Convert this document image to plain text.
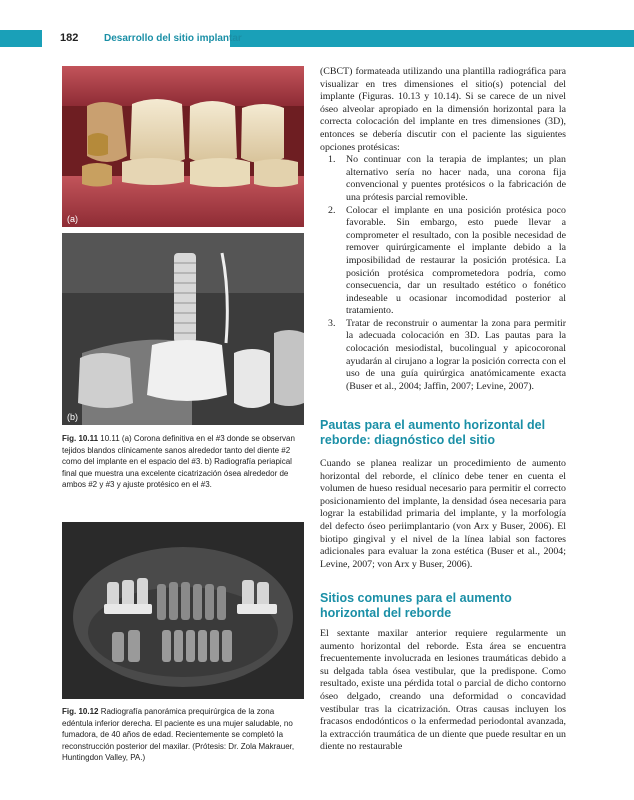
182	Desarrollo del sitio implantar
(a)
(b)
Fig. 10.11 10.11 (a) Corona definitiva en el #3 donde se observan tejidos blandos clínicamente sanos alrededor tanto del diente #2 como del implante en el espacio del #3. b) Radiografía periapical final que muestra una excelente cicatrización ósea alrededor de ambos #2 y #3 y ajuste protésico en el #3.
Fig. 10.12 Radiografía panorámica prequirúrgica de la zona edéntula inferior derecha. El paciente es una mujer saludable, no fumadora, de 40 años de edad. Recientemente se completó la reconstrucción posterior del maxilar. (Prótesis: Dr. Zola Makrauer, Huntingdon Valley, PA.)

(CBCT) formateada utilizando una plantilla radiográfica para visualizar en tres dimensiones el sitio(s) potencial del implante (Figuras. 10.13 y 10.14). Si se carece de un nivel óseo alveolar apropiado en la dimensión horizontal para la correcta colocación del implante en tres dimensiones (3D), entonces se debería discutir con el paciente las siguientes opciones protésicas:

1. No continuar con la terapia de implantes; un plan alternativo sería no hacer nada, una corona fija convencional y puentes protésicos o la fabricación de una prótesis parcial removible.
2. Colocar el implante en una posición protésica poco favorable. Sin embargo, esto puede llevar a comprometer el resultado, con la posible necesidad de remover quirúrgicamente el implante debido a la imposibilidad de restaurar la posición protésica. La posición protésica comprometedora podría, como consecuencia, dar un resultado estético o fonético indeseable u ocasionar incomodidad posterior al tratamiento.
3. Tratar de reconstruir o aumentar la zona para permitir la adecuada colocación en 3D. Las pautas para la colocación mesiodistal, bucolingual y apicocoronal ayudarán al cirujano a lograr la posición correcta con el uso de una guía quirúrgica anatómicamente exacta (Buser et al., 2004; Jaffin, 2007; Levine, 2007).
Pautas para el aumento horizontal del reborde: diagnóstico del sitio

Cuando se planea realizar un procedimiento de aumento horizontal del reborde, el clínico debe tener en cuenta el volumen de hueso residual necesario para permitir el correcto posicionamiento del implante, la densidad ósea necesaria para lograr la estabilidad primaria del implante, y la morfología del defecto óseo periimplantario (von Arx y Buser, 2006). El biotipo gingival y el nivel de la línea labial son factores adicionales para evaluar la zona estética (Buser et al., 2004; Levine, 2007; von Arx y Buser, 2006).

Sitios comunes para el aumento horizontal del reborde

El sextante maxilar anterior requiere regularmente un aumento horizontal del reborde. Esta área se encuentra frecuentemente involucrada en lesiones traumáticas debido a su delgada tabla ósea vestibular, que la predispone. Como resultado, existe una pérdida total o parcial de dicho contorno óseo delgado, creando una deformidad o concavidad vestibular tras la cicatrización. Otras causas incluyen los fracasos endodónticos o la enfermedad periodontal avanzada, la extracción traumática de un diente que puede resultar en un diente no restaurable
